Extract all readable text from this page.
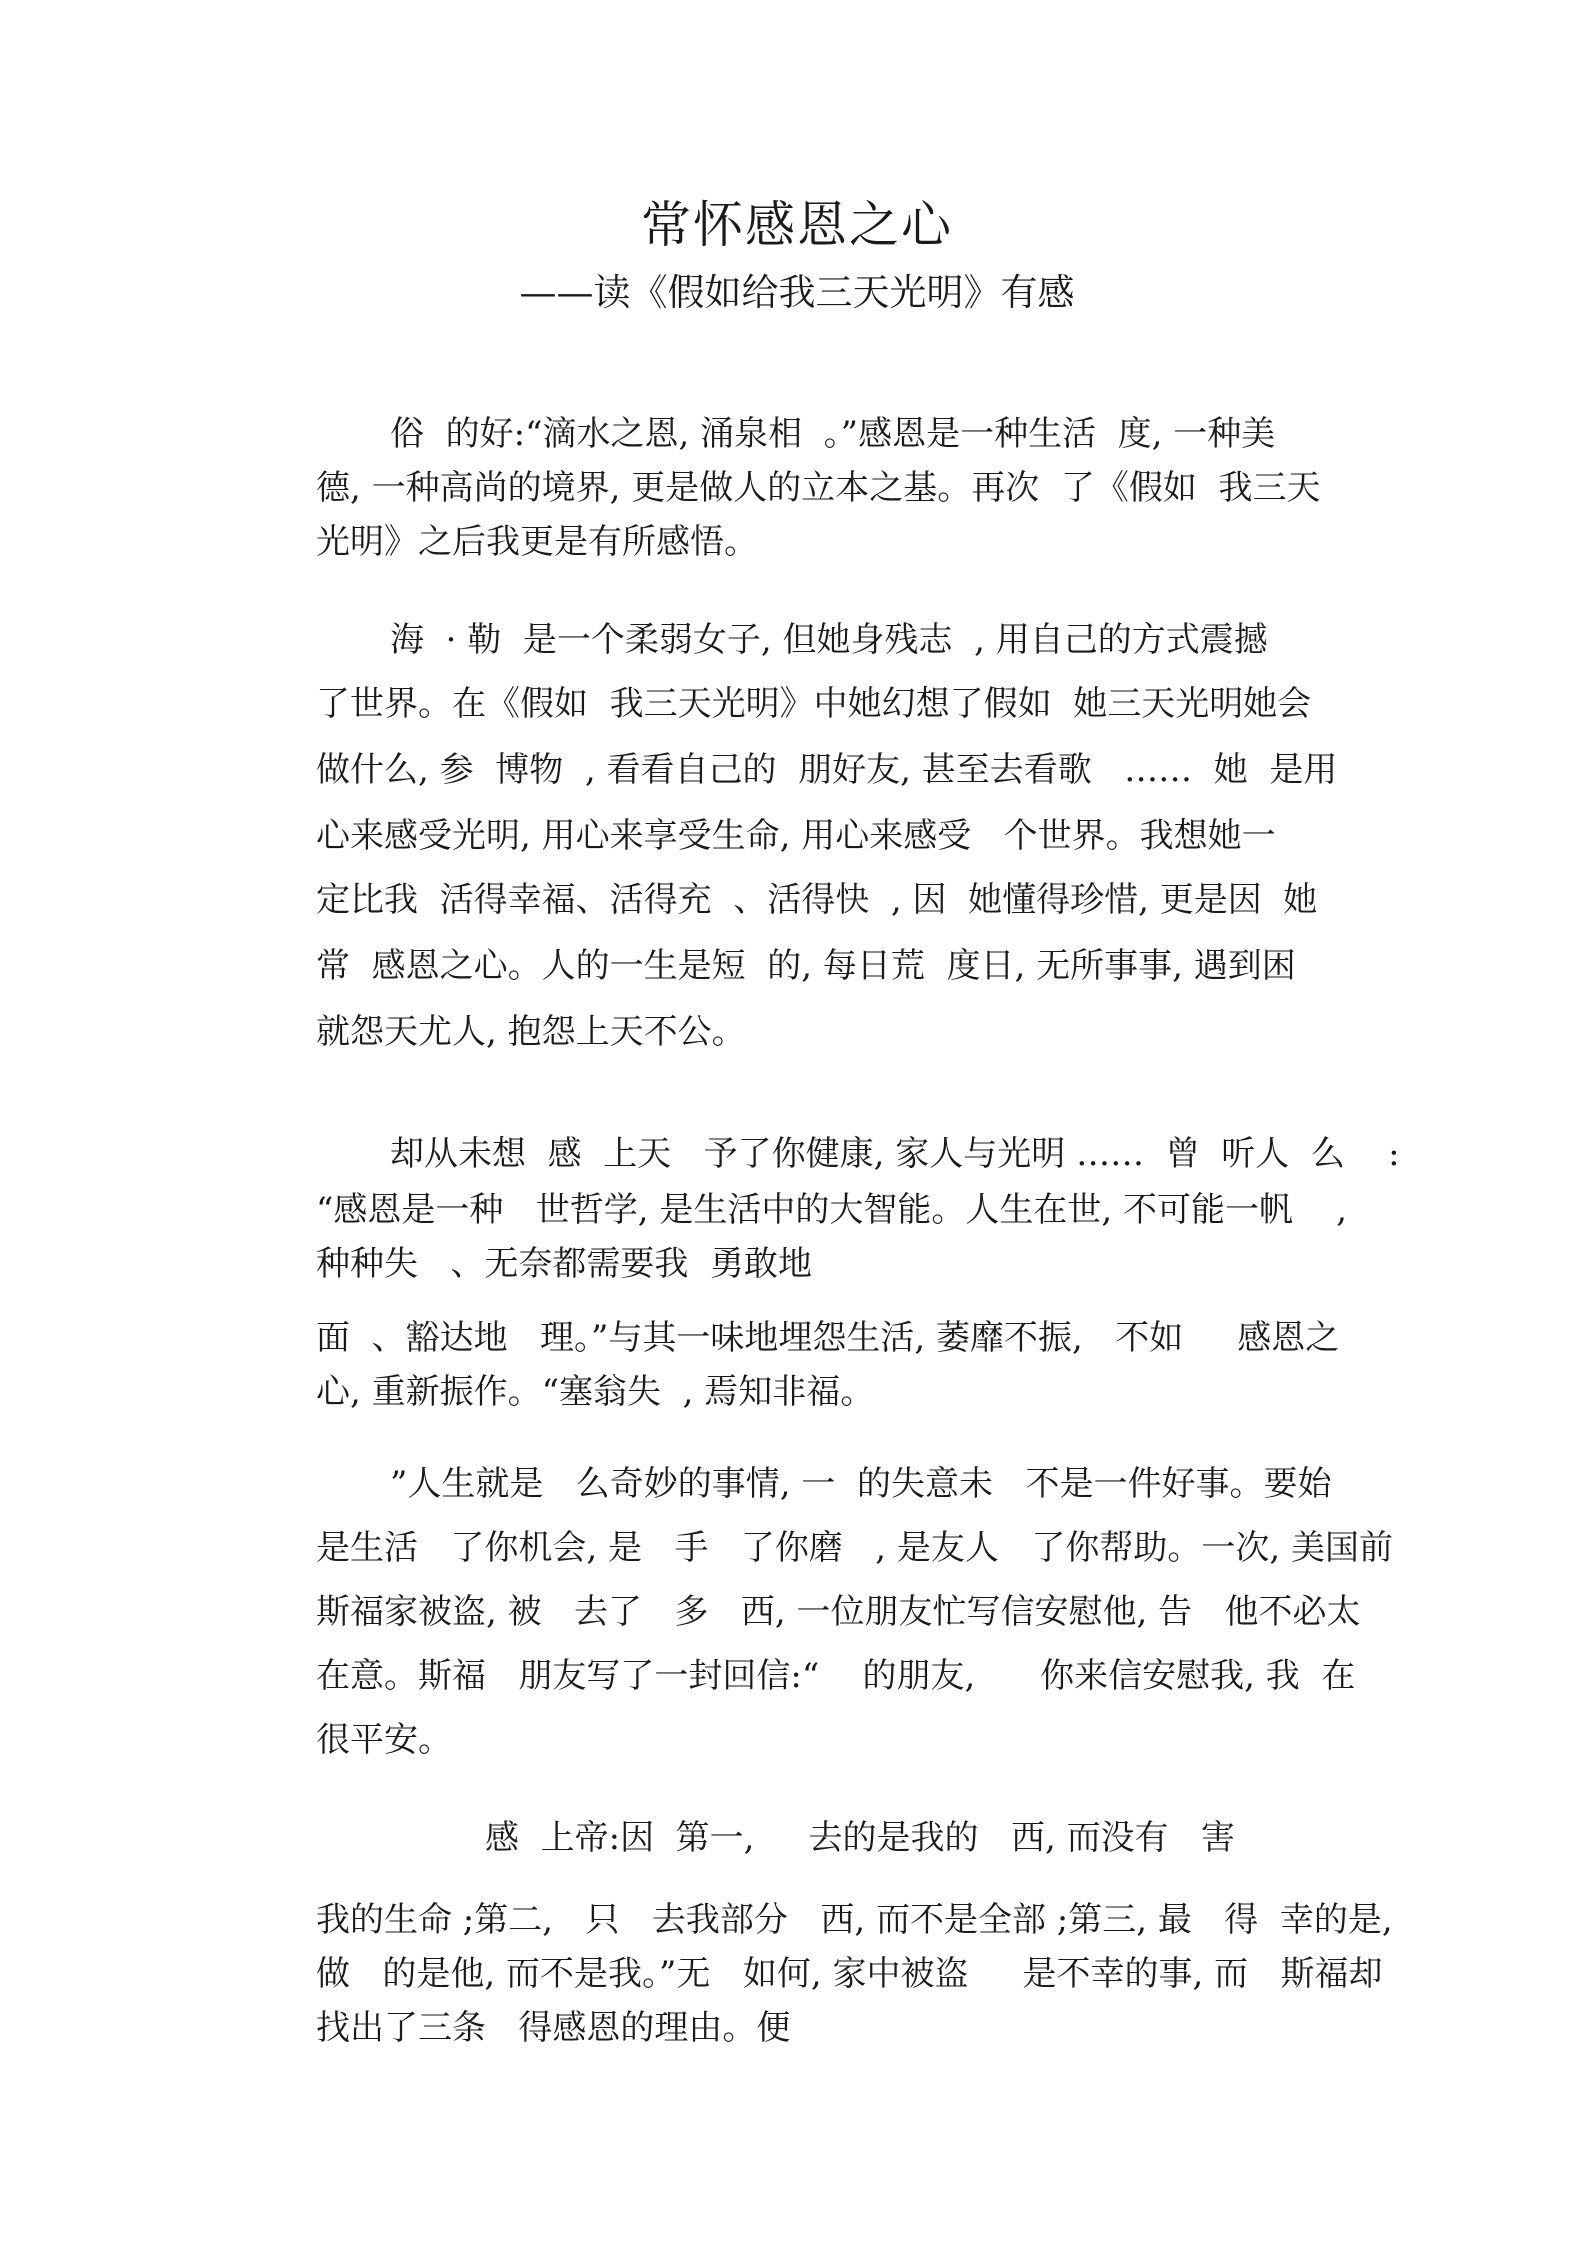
常怀感恩之心
——读《假如给我三天光明》有感
俗  的好:“滴水之恩, 涌泉相  。”感恩是一种生活  度, 一种美
德, 一种高尚的境界, 更是做人的立本之基。再次  了《假如  我三天
光明》之后我更是有所感悟。
海  · 勒  是一个柔弱女子, 但她身残志  , 用自己的方式震撼
了世界。在《假如  我三天光明》中她幻想了假如  她三天光明她会
做什么, 参  博物  , 看看自己的  朋好友, 甚至去看歌   ……  她  是用
心来感受光明, 用心来享受生命, 用心来感受   个世界。我想她一
定比我  活得幸福、活得充  、活得快  , 因  她懂得珍惜, 更是因  她
常  感恩之心。人的一生是短  的, 每日荒  度日, 无所事事, 遇到困
就怨天尤人, 抱怨上天不公。
却从未想  感  上天   予了你健康, 家人与光明 ……  曾  听人  么    :
“感恩是一种   世哲学, 是生活中的大智能。人生在世, 不可能一帆    ,
种种失   、无奈都需要我  勇敢地
面  、豁达地   理。”与其一味地埋怨生活, 萎靡不振,   不如     感恩之
心, 重新振作。“塞翁失  , 焉知非福。
”人生就是   么奇妙的事情, 一  的失意未   不是一件好事。要始
是生活   了你机会, 是   手   了你磨   , 是友人   了你帮助。一次, 美国前
斯福家被盗, 被   去了   多   西, 一位朋友忙写信安慰他, 告   他不必太
在意。斯福   朋友写了一封回信:“    的朋友,      你来信安慰我, 我  在
很平安。
感  上帝:因  第一,     去的是我的   西, 而没有   害
我的生命 ;第二,   只   去我部分   西, 而不是全部 ;第三, 最   得  幸的是,
做   的是他, 而不是我。”无   如何, 家中被盗     是不幸的事, 而   斯福却
找出了三条   得感恩的理由。便
